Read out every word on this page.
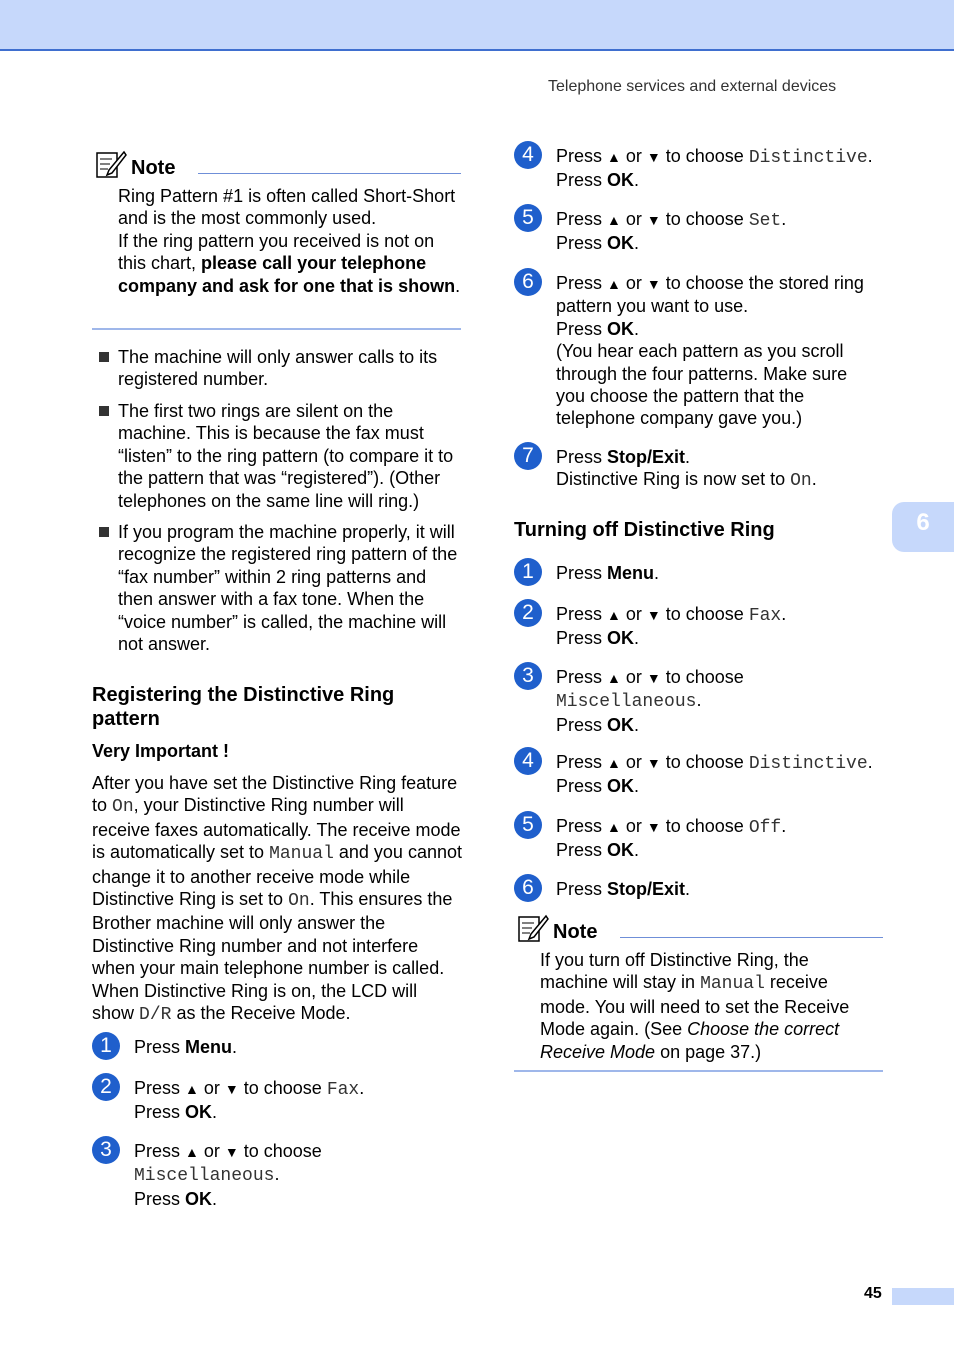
Telephone services and external devices
6
Note
Ring Pattern #1 is often called Short-Short and is the most commonly used.
If the ring pattern you received is not on this chart, please call your telephone company and ask for one that is shown.
The machine will only answer calls to its registered number.
The first two rings are silent on the machine. This is because the fax must “listen” to the ring pattern (to compare it to the pattern that was “registered”). (Other telephones on the same line will ring.)
If you program the machine properly, it will recognize the registered ring pattern of the “fax number” within 2 ring patterns and then answer with a fax tone. When the “voice number” is called, the machine will not answer.
Registering the Distinctive Ring pattern
Very Important !
After you have set the Distinctive Ring feature to On, your Distinctive Ring number will receive faxes automatically. The receive mode is automatically set to Manual and you cannot change it to another receive mode while Distinctive Ring is set to On. This ensures the Brother machine will only answer the Distinctive Ring number and not interfere when your main telephone number is called. When Distinctive Ring is on, the LCD will show D/R as the Receive Mode.
1	Press Menu.
2	Press ▲ or ▼ to choose Fax.
Press OK.
3	Press ▲ or ▼ to choose
Miscellaneous.
Press OK.
4	Press ▲ or ▼ to choose Distinctive.
Press OK.
5	Press ▲ or ▼ to choose Set.
Press OK.
6	Press ▲ or ▼ to choose the stored ring pattern you want to use.
Press OK.
(You hear each pattern as you scroll through the four patterns. Make sure you choose the pattern that the telephone company gave you.)
7	Press Stop/Exit.
Distinctive Ring is now set to On.
Turning off Distinctive Ring
1	Press Menu.
2	Press ▲ or ▼ to choose Fax.
Press OK.
3	Press ▲ or ▼ to choose
Miscellaneous.
Press OK.
4	Press ▲ or ▼ to choose Distinctive.
Press OK.
5	Press ▲ or ▼ to choose Off.
Press OK.
6	Press Stop/Exit.
Note
If you turn off Distinctive Ring, the machine will stay in Manual receive mode. You will need to set the Receive Mode again. (See Choose the correct Receive Mode on page 37.)
45
